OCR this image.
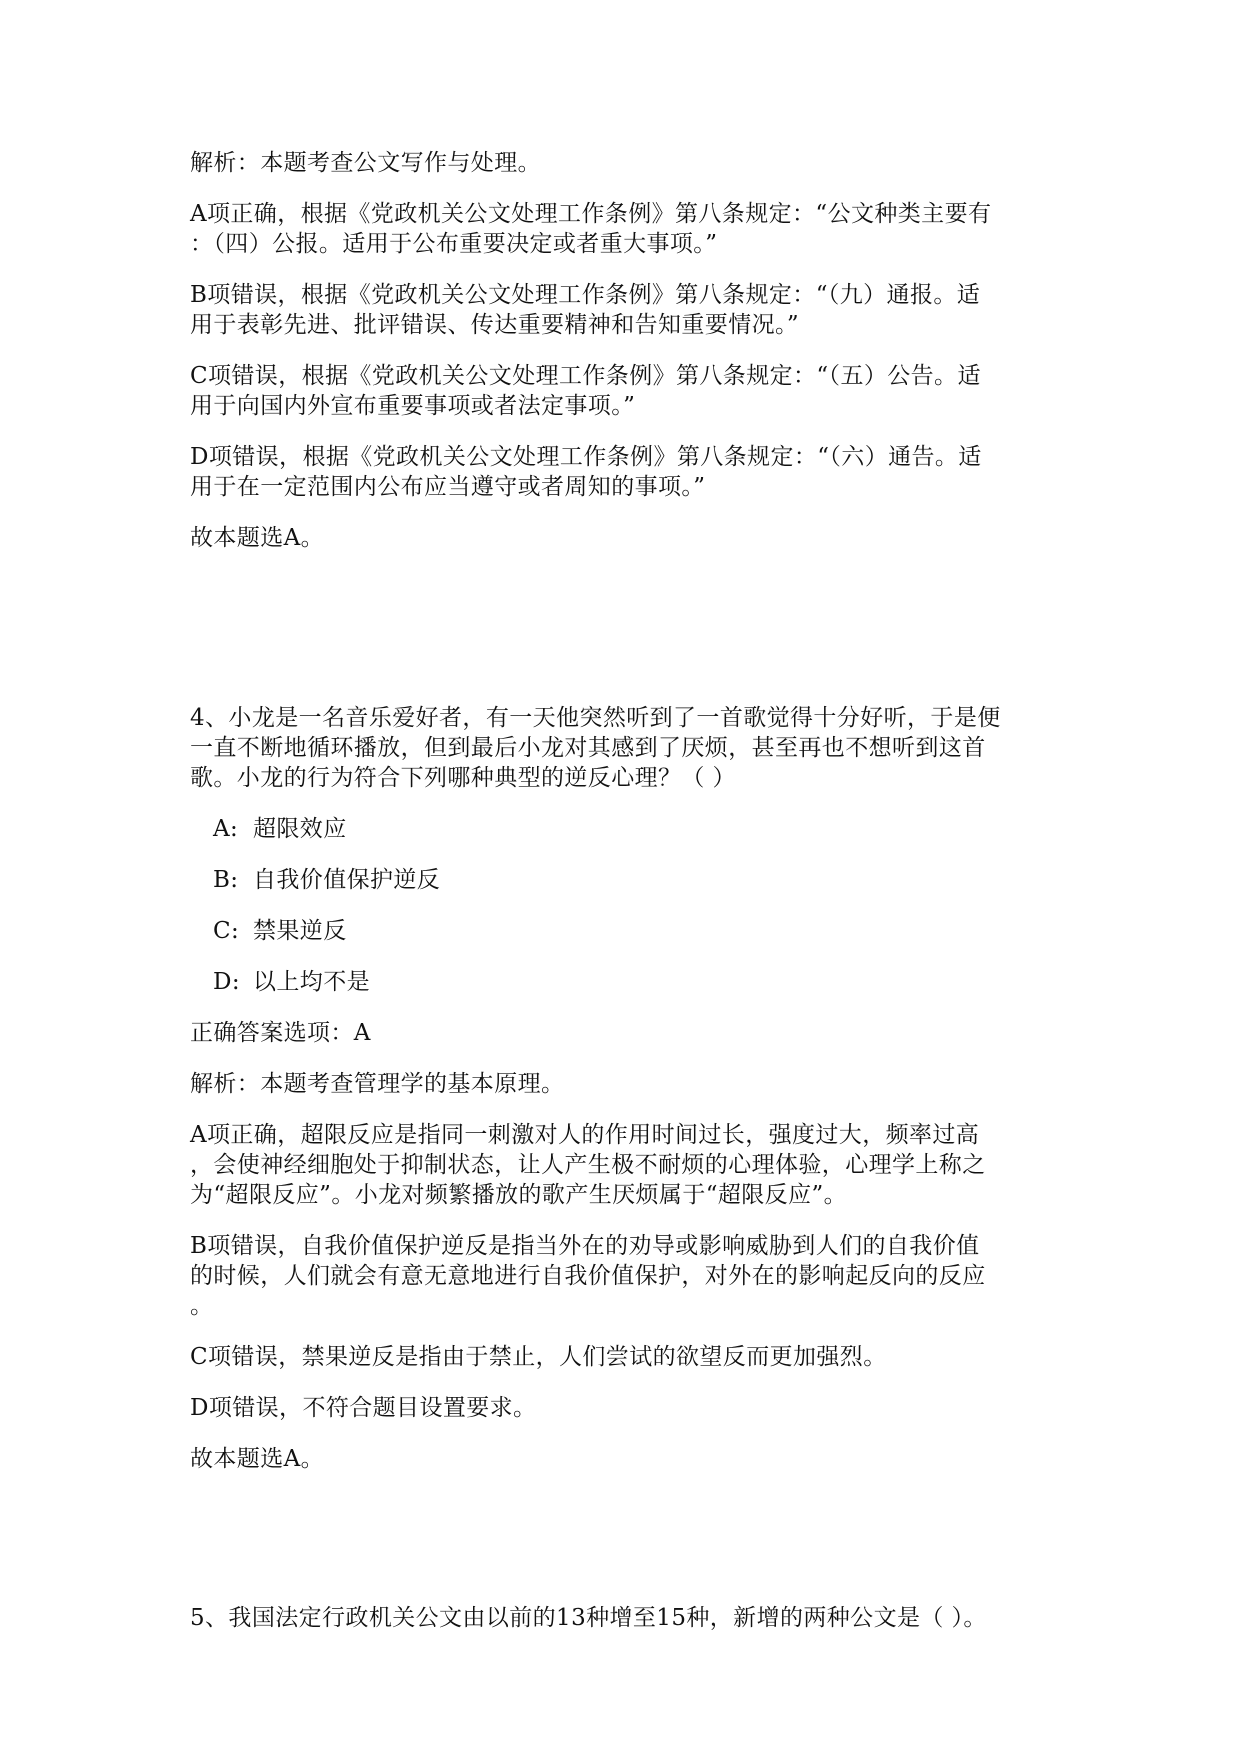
解析：本题考查公文写作与处理。

A项正确，根据《党政机关公文处理工作条例》第八条规定：“公文种类主要有

：（四）公报。适用于公布重要决定或者重大事项。”

B项错误，根据《党政机关公文处理工作条例》第八条规定：“（九）通报。适

用于表彰先进、批评错误、传达重要精神和告知重要情况。”

C项错误，根据《党政机关公文处理工作条例》第八条规定：“（五）公告。适

用于向国内外宣布重要事项或者法定事项。”

D项错误，根据《党政机关公文处理工作条例》第八条规定：“（六）通告。适

用于在一定范围内公布应当遵守或者周知的事项。”

故本题选A。

4、小龙是一名音乐爱好者，有一天他突然听到了一首歌觉得十分好听，于是便

一直不断地循环播放，但到最后小龙对其感到了厌烦，甚至再也不想听到这首

歌。小龙的行为符合下列哪种典型的逆反心理？（ ）

A: 超限效应
B: 自我价值保护逆反
C: 禁果逆反
D: 以上均不是

正确答案选项：A

解析：本题考查管理学的基本原理。

A项正确，超限反应是指同一刺激对人的作用时间过长，强度过大，频率过高

，会使神经细胞处于抑制状态，让人产生极不耐烦的心理体验，心理学上称之

为“超限反应”。小龙对频繁播放的歌产生厌烦属于“超限反应”。

B项错误，自我价值保护逆反是指当外在的劝导或影响威胁到人们的自我价值

的时候，人们就会有意无意地进行自我价值保护，对外在的影响起反向的反应

。

C项错误，禁果逆反是指由于禁止，人们尝试的欲望反而更加强烈。

D项错误，不符合题目设置要求。

故本题选A。

5、我国法定行政机关公文由以前的13种增至15种，新增的两种公文是（ ）。
